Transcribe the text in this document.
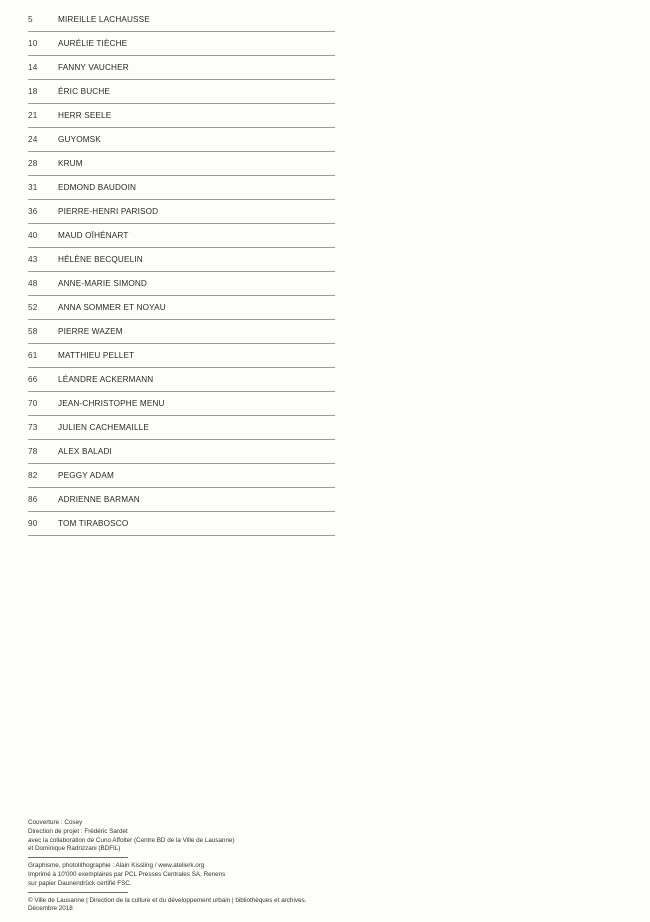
5	MIREILLE LACHAUSSE
10	AURÉLIE TIÈCHE
14	FANNY VAUCHER
18	ÉRIC BUCHE
21	HERR SEELE
24	GUYOMSK
28	KRUM
31	EDMOND BAUDOIN
36	PIERRE-HENRI PARISOD
40	MAUD OÏHÉNART
43	HÉLÈNE BECQUELIN
48	ANNE-MARIE SIMOND
52	ANNA SOMMER ET NOYAU
58	PIERRE WAZEM
61	MATTHIEU PELLET
66	LÉANDRE ACKERMANN
70	JEAN-CHRISTOPHE MENU
73	JULIEN CACHEMAILLE
78	ALEX BALADI
82	PEGGY ADAM
86	ADRIENNE BARMAN
90	TOM TIRABOSCO
Couverture : Cosey
Direction de projet : Frédéric Sardet
avec la collaboration de Cuno Affolter (Centre BD de la Ville de Lausanne)
et Dominique Radrizzani (BDFIL)
Graphisme, photolithographie : Alain Kissling / www.atelierk.org
Imprimé à 10'000 exemplaires par PCL Presses Centrales SA, Renens
sur papier Daunendrück certifié FSC.
© Ville de Lausanne | Direction de la culture et du développement urbain | bibliothèques et archives.
Décembre 2018
